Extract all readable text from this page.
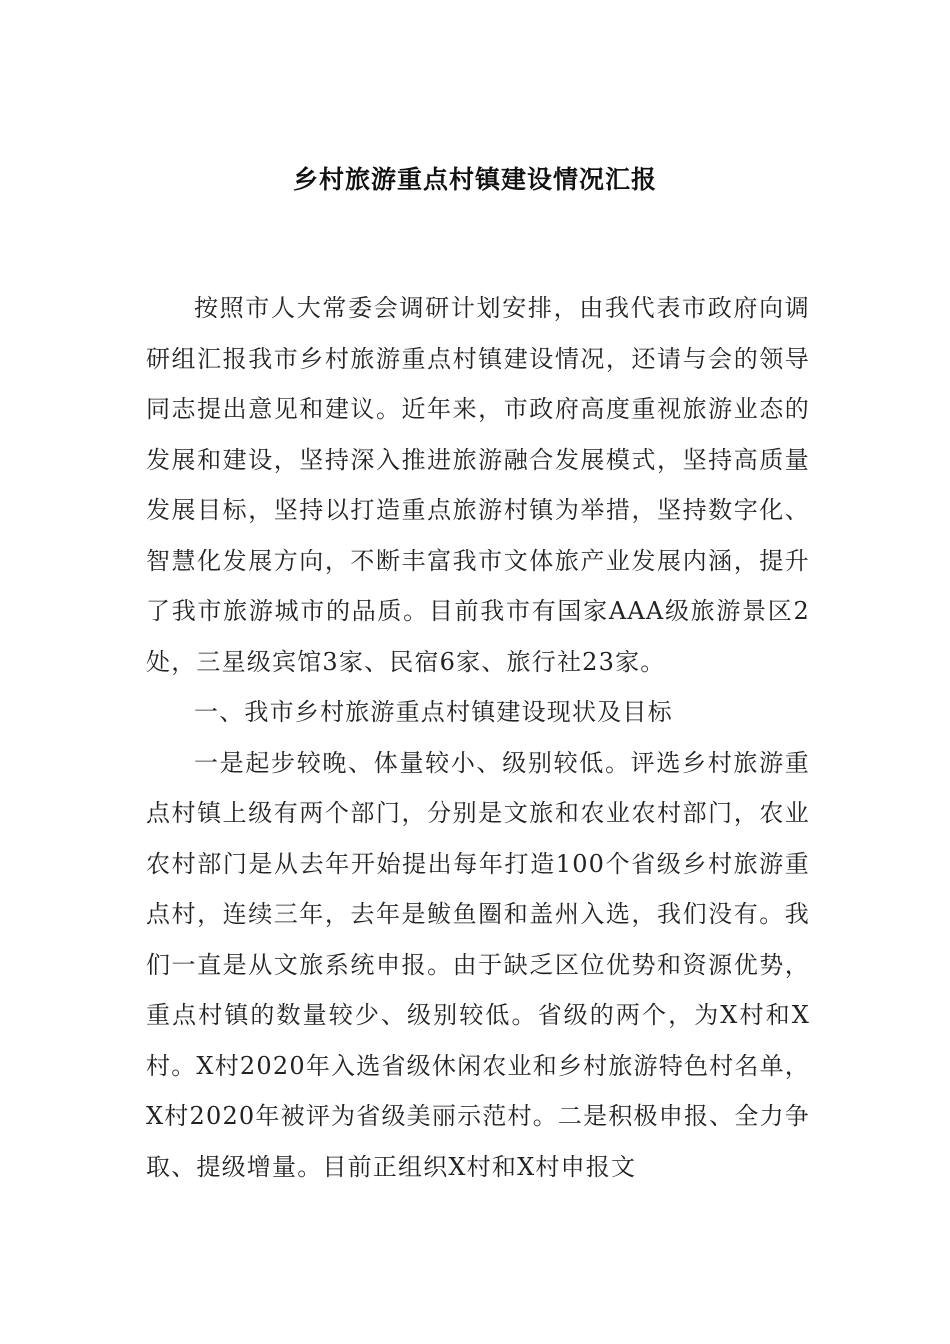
乡村旅游重点村镇建设情况汇报

按照市人大常委会调研计划安排，由我代表市政府向调研组汇报我市乡村旅游重点村镇建设情况，还请与会的领导同志提出意见和建议。近年来，市政府高度重视旅游业态的发展和建设，坚持深入推进旅游融合发展模式，坚持高质量发展目标，坚持以打造重点旅游村镇为举措，坚持数字化、智慧化发展方向，不断丰富我市文体旅产业发展内涵，提升了我市旅游城市的品质。目前我市有国家AAA级旅游景区2处，三星级宾馆3家、民宿6家、旅行社23家。

一、我市乡村旅游重点村镇建设现状及目标

一是起步较晚、体量较小、级别较低。评选乡村旅游重点村镇上级有两个部门，分别是文旅和农业农村部门，农业农村部门是从去年开始提出每年打造100个省级乡村旅游重点村，连续三年，去年是鲅鱼圈和盖州入选，我们没有。我们一直是从文旅系统申报。由于缺乏区位优势和资源优势，重点村镇的数量较少、级别较低。省级的两个，为X村和X村。X村2020年入选省级休闲农业和乡村旅游特色村名单，X村2020年被评为省级美丽示范村。二是积极申报、全力争取、提级增量。目前正组织X村和X村申报文
